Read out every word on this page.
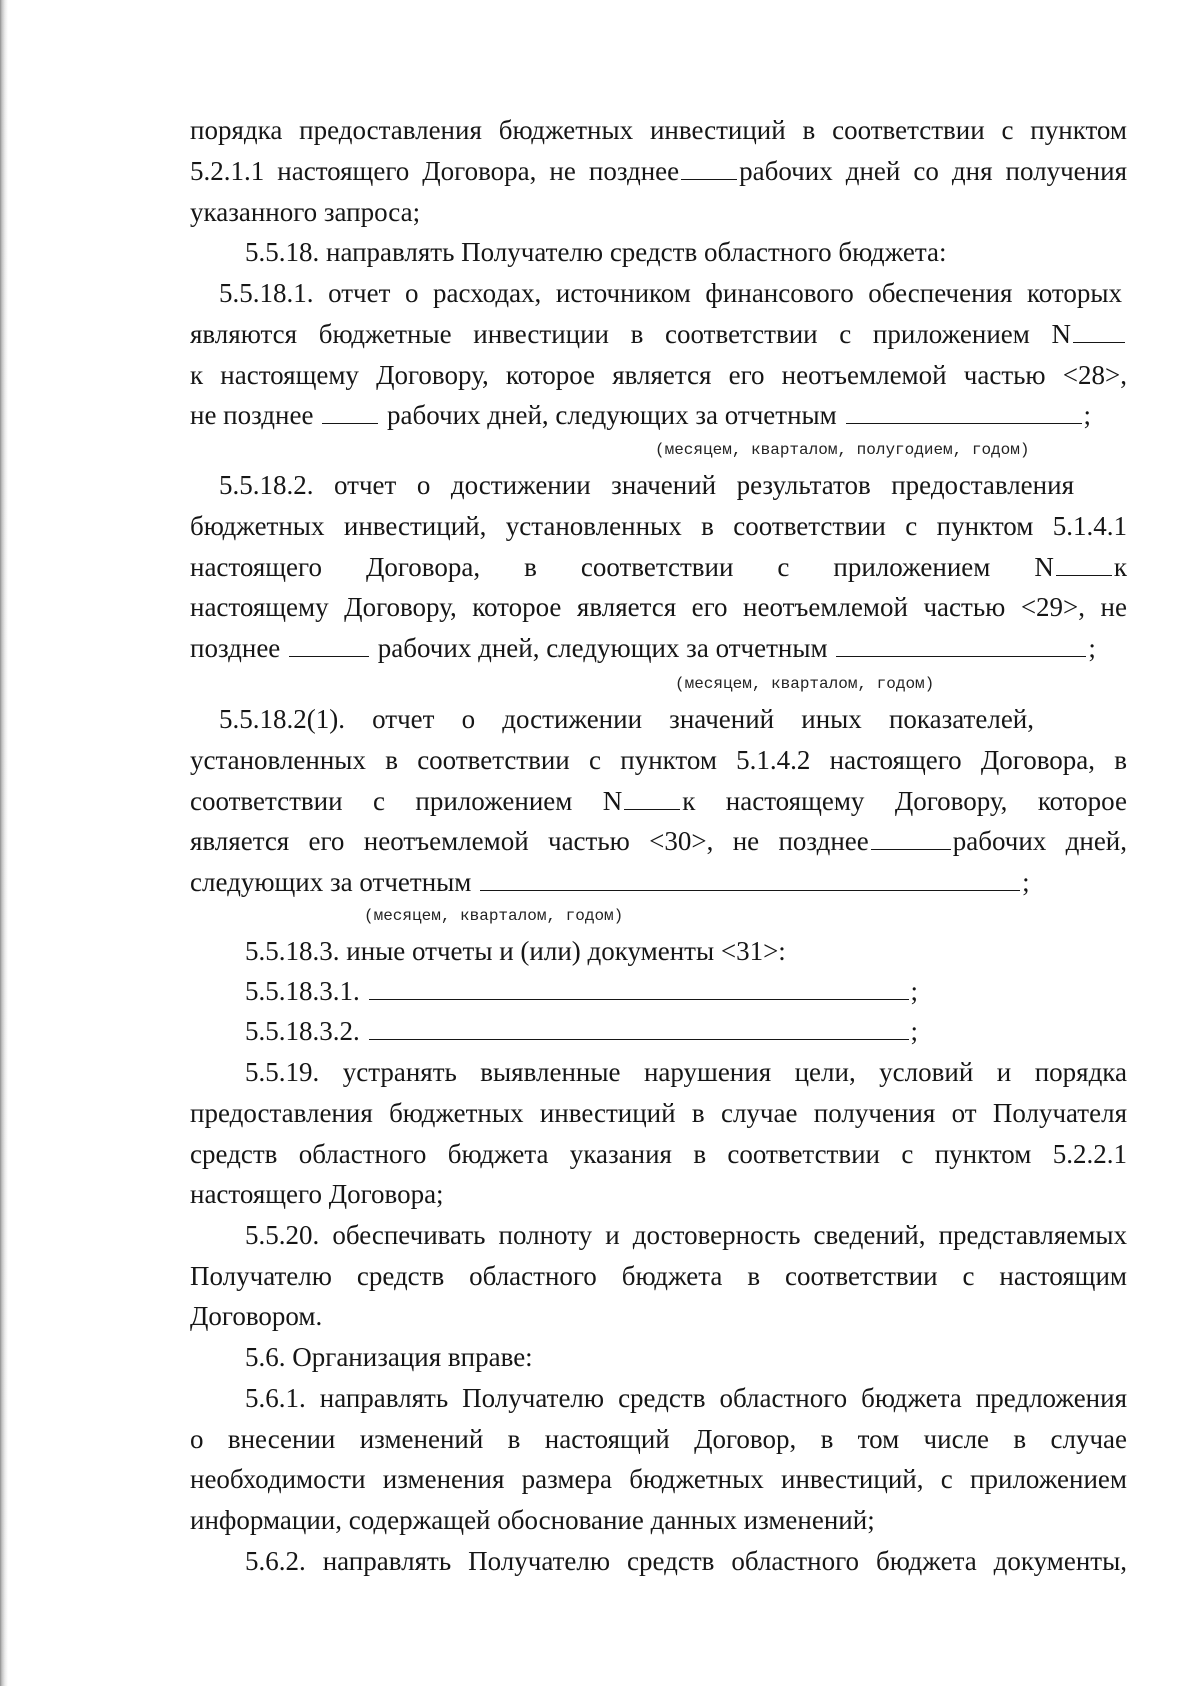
порядка предоставления бюджетных инвестиций в соответствии с пунктом
5.2.1.1 настоящего Договора, не позднее рабочих дней со дня получения
указанного запроса;
5.5.18. направлять Получателю средств областного бюджета:
5.5.18.1. отчет о расходах, источником финансового обеспечения которых
являются бюджетные инвестиции в соответствии с приложением N
к настоящему Договору, которое является его неотъемлемой частью <28>,
не позднее	рабочих дней, следующих за отчетным	;
(месяцем, кварталом, полугодием, годом)
5.5.18.2. отчет о достижении значений результатов предоставления
бюджетных инвестиций, установленных в соответствии с пунктом 5.1.4.1
настоящего Договора, в соответствии с приложением N к
настоящему Договору, которое является его неотъемлемой частью <29>, не
позднее	рабочих дней, следующих за отчетным	;
(месяцем, кварталом, годом)
5.5.18.2(1). отчет о достижении значений иных показателей,
установленных в соответствии с пунктом 5.1.4.2 настоящего Договора, в
соответствии с приложением N к настоящему Договору, которое
является его неотъемлемой частью <30>, не позднее	рабочих дней,
следующих за отчетным	;
(месяцем, кварталом, годом)
5.5.18.3. иные отчеты и (или) документы <31>:
5.5.18.3.1.	;
5.5.18.3.2.	;
5.5.19. устранять выявленные нарушения цели, условий и порядка
предоставления бюджетных инвестиций в случае получения от Получателя
средств областного бюджета указания в соответствии с пунктом 5.2.2.1
настоящего Договора;
5.5.20. обеспечивать полноту и достоверность сведений, представляемых
Получателю средств областного бюджета в соответствии с настоящим
Договором.
5.6. Организация вправе:
5.6.1. направлять Получателю средств областного бюджета предложения
о внесении изменений в настоящий Договор, в том числе в случае
необходимости изменения размера бюджетных инвестиций, с приложением
информации, содержащей обоснование данных изменений;
5.6.2. направлять Получателю средств областного бюджета документы,
